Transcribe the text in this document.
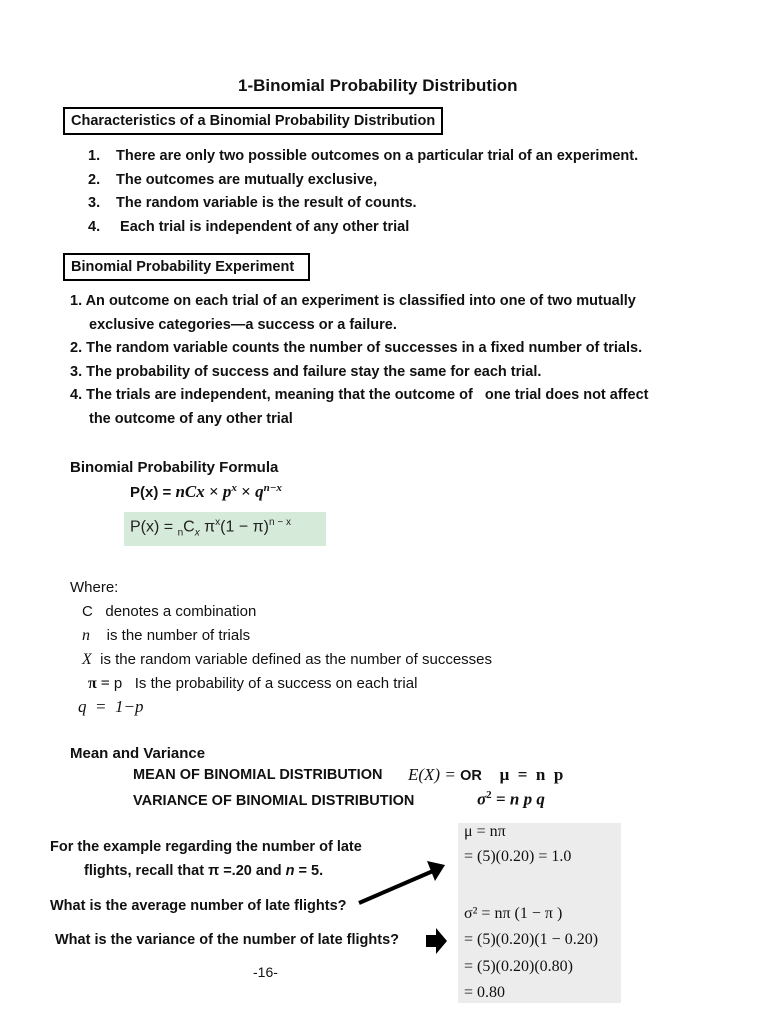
1-Binomial Probability Distribution
Characteristics of a Binomial Probability Distribution
1. There are only two possible outcomes on a particular trial of an experiment.
2. The outcomes are mutually exclusive,
3. The random variable is the result of counts.
4. Each trial is independent of any other trial
Binomial Probability Experiment
1. An outcome on each trial of an experiment is classified into one of two mutually
exclusive categories—a success or a failure.
2. The random variable counts the number of successes in a fixed number of trials.
3. The probability of success and failure stay the same for each trial.
4. The trials are independent, meaning that the outcome of   one trial does not affect
the outcome of any other trial
Binomial Probability Formula
P(x) = nCx × $p^x \times q^{n-x}$
$P(x) = _nC_x$ $\pi^x(1 - \pi)^{n - x}$
Where:
C denotes a combination
n is the number of trials
X is the random variable defined as the number of successes
π = p Is the probability of a success on each trial
q  =  1−p
Mean and Variance
MEAN OF BINOMIAL DISTRIBUTION E(X) = OR μ  =  n  p
VARIANCE OF BINOMIAL DISTRIBUTION	$\sigma^2 = n$ p q
For the example regarding the number of late
flights, recall that π =.20 and n = 5.
What is the average number of late flights?
What is the variance of the number of late flights?
μ = nπ
= (5)(0.20) = 1.0
σ² = nπ (1 − π )
= (5)(0.20)(1 − 0.20)
= (5)(0.20)(0.80)
= 0.80
-16-
